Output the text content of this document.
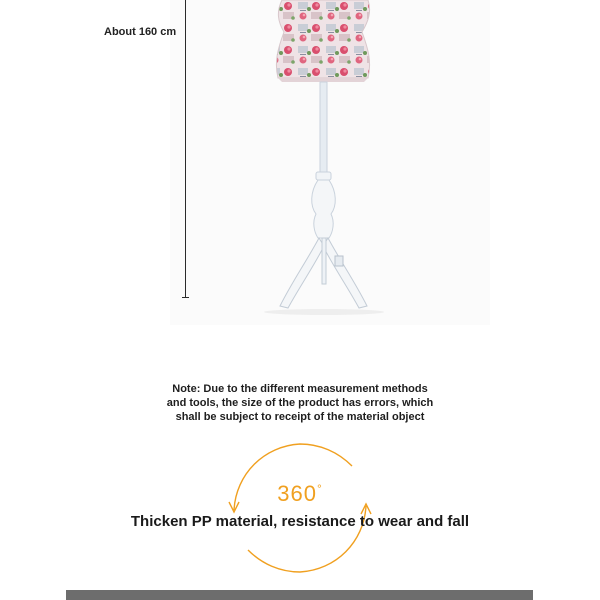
About 160 cm
Note: Due to the different measurement methods
and tools, the size of the product has errors, which
shall be subject to receipt of the material object
360°
Thicken PP material, resistance to wear and fall
